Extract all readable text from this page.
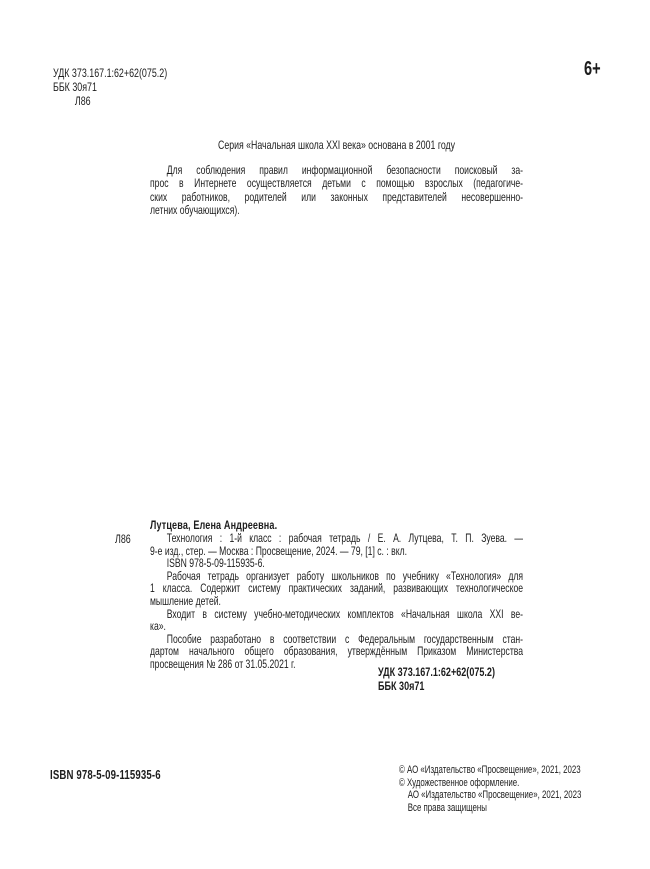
УДК 373.167.1:62+62(075.2)
ББК 30я71
Л86
6+
Серия «Начальная школа XXI века» основана в 2001 году
Для соблюдения правил информационной безопасности поисковый за-
прос в Интернете осуществляется детьми с помощью взрослых (педагогиче-
ских работников, родителей или законных представителей несовершенно-
летних обучающихся).
Лутцева, Елена Андреевна.
Л86	Технология : 1-й класс : рабочая тетрадь / Е. А. Лутцева, Т. П. Зуева. —
9-е изд., стер. — Москва : Просвещение, 2024. — 79, [1] с. : вкл.
ISBN 978-5-09-115935-6.
Рабочая тетрадь организует работу школьников по учебнику «Технология» для
1 класса. Содержит систему практических заданий, развивающих технологическое
мышление детей.
Входит в систему учебно-методических комплектов «Начальная школа XXI ве-
ка».
Пособие разработано в соответствии с Федеральным государственным стан-
дартом начального общего образования, утверждённым Приказом Министерства
просвещения № 286 от 31.05.2021 г.
УДК 373.167.1:62+62(075.2)
ББК 30я71
ISBN 978-5-09-115935-6	© АО «Издательство «Просвещение», 2021, 2023
© Художественное оформление.
АО «Издательство «Просвещение», 2021, 2023
Все права защищены
